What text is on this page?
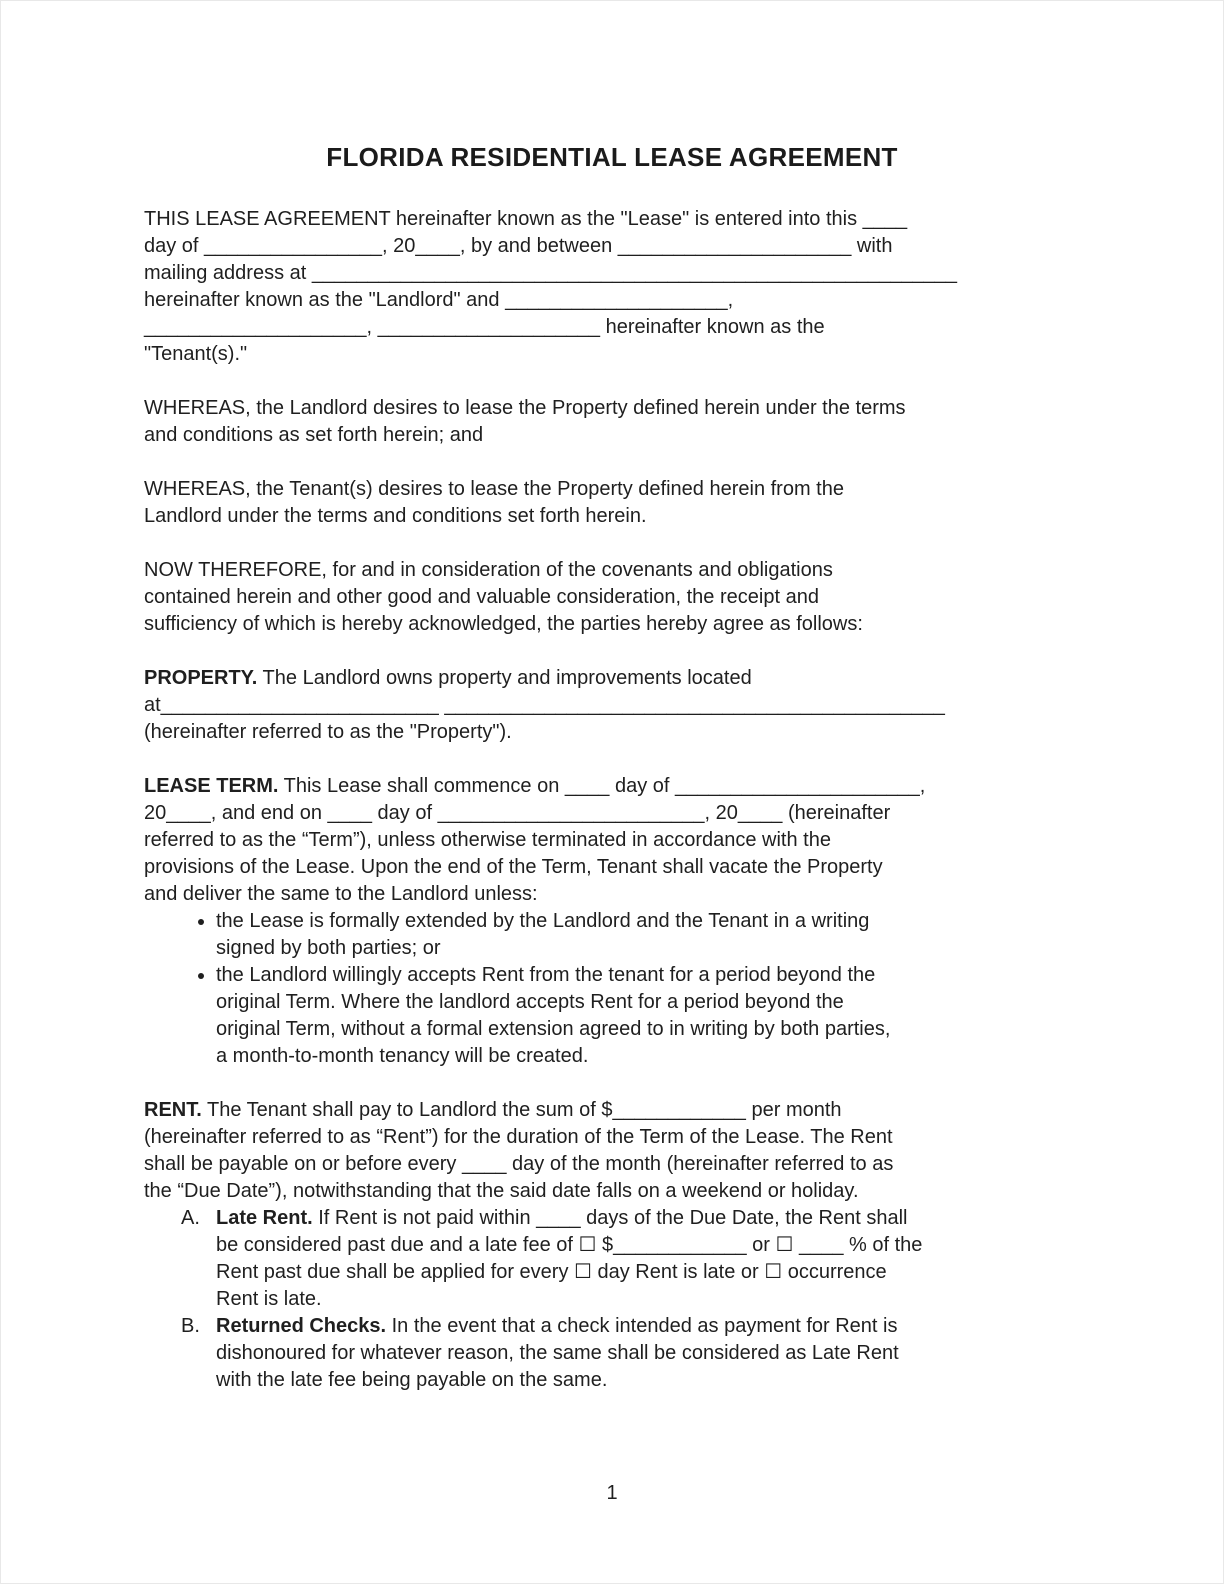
FLORIDA RESIDENTIAL LEASE AGREEMENT

THIS LEASE AGREEMENT hereinafter known as the "Lease" is entered into this ____
day of ________________, 20____, by and between _____________________ with
mailing address at __________________________________________________________
hereinafter known as the "Landlord" and ____________________,
____________________, ____________________ hereinafter known as the
"Tenant(s)."

WHEREAS, the Landlord desires to lease the Property defined herein under the terms
and conditions as set forth herein; and

WHEREAS, the Tenant(s) desires to lease the Property defined herein from the
Landlord under the terms and conditions set forth herein.

NOW THEREFORE, for and in consideration of the covenants and obligations
contained herein and other good and valuable consideration, the receipt and
sufficiency of which is hereby acknowledged, the parties hereby agree as follows:

PROPERTY. The Landlord owns property and improvements located
at_________________________ _____________________________________________
(hereinafter referred to as the "Property").

LEASE TERM. This Lease shall commence on ____ day of ______________________,
20____, and end on ____ day of ________________________, 20____ (hereinafter
referred to as the “Term”), unless otherwise terminated in accordance with the
provisions of the Lease. Upon the end of the Term, Tenant shall vacate the Property
and deliver the same to the Landlord unless:

• the Lease is formally extended by the Landlord and the Tenant in a writing
signed by both parties; or
• the Landlord willingly accepts Rent from the tenant for a period beyond the
original Term. Where the landlord accepts Rent for a period beyond the
original Term, without a formal extension agreed to in writing by both parties,
a month-to-month tenancy will be created.

RENT. The Tenant shall pay to Landlord the sum of $____________ per month
(hereinafter referred to as “Rent”) for the duration of the Term of the Lease. The Rent
shall be payable on or before every ____ day of the month (hereinafter referred to as
the “Due Date”), notwithstanding that the said date falls on a weekend or holiday.

A. Late Rent. If Rent is not paid within ____ days of the Due Date, the Rent shall
be considered past due and a late fee of ☐ $____________ or ☐ ____ % of the
Rent past due shall be applied for every ☐ day Rent is late or ☐ occurrence
Rent is late.
B. Returned Checks. In the event that a check intended as payment for Rent is
dishonoured for whatever reason, the same shall be considered as Late Rent
with the late fee being payable on the same.
1
